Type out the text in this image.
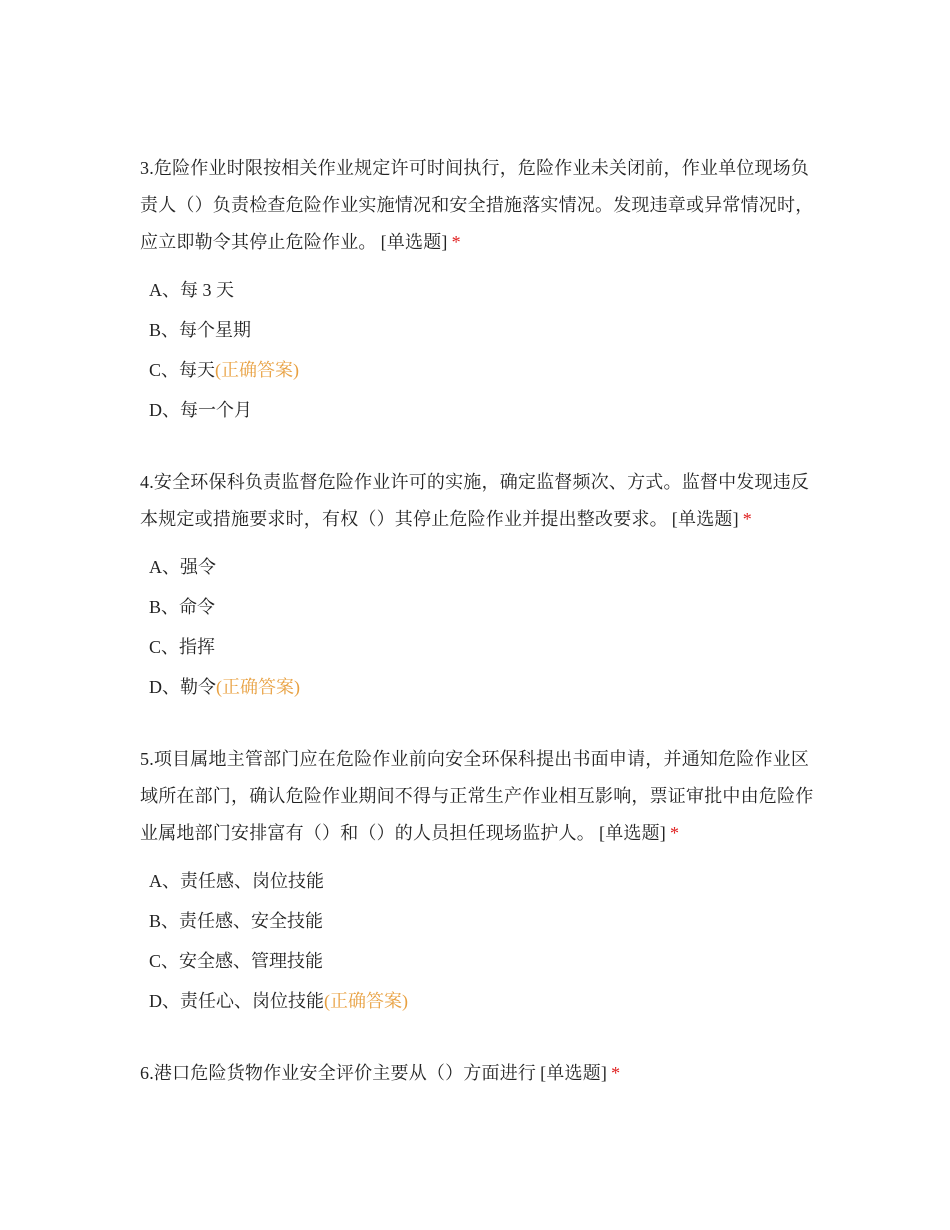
3.危险作业时限按相关作业规定许可时间执行，危险作业未关闭前，作业单位现场负责人（）负责检查危险作业实施情况和安全措施落实情况。发现违章或异常情况时，应立即勒令其停止危险作业。 [单选题] *

A、每 3 天
B、每个星期
C、每天(正确答案)
D、每一个月

4.安全环保科负责监督危险作业许可的实施，确定监督频次、方式。监督中发现违反本规定或措施要求时，有权（）其停止危险作业并提出整改要求。 [单选题] *

A、强令
B、命令
C、指挥
D、勒令(正确答案)

5.项目属地主管部门应在危险作业前向安全环保科提出书面申请，并通知危险作业区域所在部门，确认危险作业期间不得与正常生产作业相互影响，票证审批中由危险作业属地部门安排富有（）和（）的人员担任现场监护人。 [单选题] *

A、责任感、岗位技能
B、责任感、安全技能
C、安全感、管理技能
D、责任心、岗位技能(正确答案)

6.港口危险货物作业安全评价主要从（）方面进行 [单选题] *
